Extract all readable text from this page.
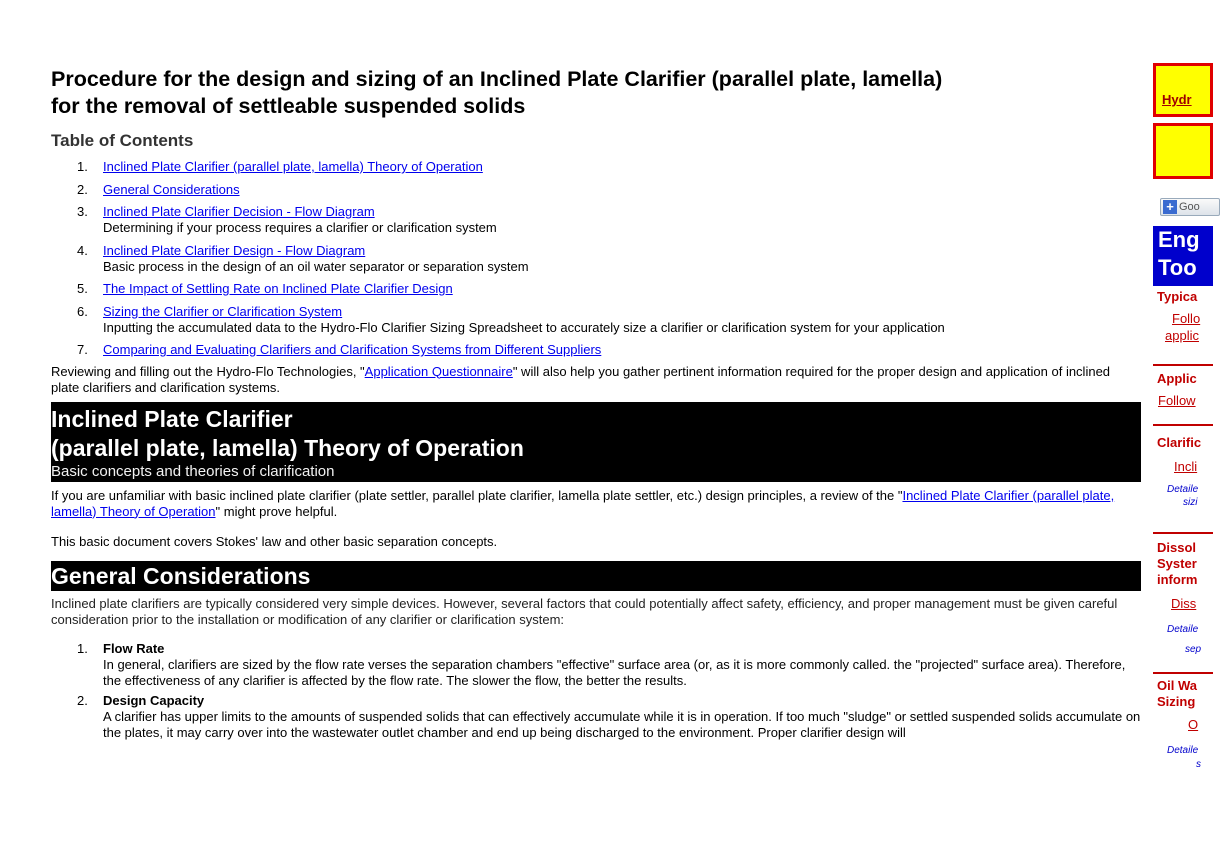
Procedure for the design and sizing of an Inclined Plate Clarifier (parallel plate, lamella)
for the removal of settleable suspended solids
Table of Contents
1. Inclined Plate Clarifier (parallel plate, lamella) Theory of Operation
2. General Considerations
3. Inclined Plate Clarifier Decision - Flow Diagram
Determining if your process requires a clarifier or clarification system
4. Inclined Plate Clarifier Design - Flow Diagram
Basic process in the design of an oil water separator or separation system
5. The Impact of Settling Rate on Inclined Plate Clarifier Design
6. Sizing the Clarifier or Clarification System
Inputting the accumulated data to the Hydro-Flo Clarifier Sizing Spreadsheet to accurately size a clarifier or clarification system for your application
7. Comparing and Evaluating Clarifiers and Clarification Systems from Different Suppliers
Reviewing and filling out the Hydro-Flo Technologies, "Application Questionnaire" will also help you gather pertinent information required for the proper design and application of inclined plate clarifiers and clarification systems.
Inclined Plate Clarifier
(parallel plate, lamella) Theory of Operation
Basic concepts and theories of clarification
If you are unfamiliar with basic inclined plate clarifier (plate settler, parallel plate clarifier, lamella plate settler, etc.) design principles, a review of the "Inclined Plate Clarifier (parallel plate, lamella) Theory of Operation" might prove helpful.
This basic document covers Stokes' law and other basic separation concepts.
General Considerations
Inclined plate clarifiers are typically considered very simple devices. However, several factors that could potentially affect safety, efficiency, and proper management must be given careful consideration prior to the installation or modification of any clarifier or clarification system:
1. Flow Rate
In general, clarifiers are sized by the flow rate verses the separation chambers "effective" surface area (or, as it is more commonly called. the "projected" surface area). Therefore, the effectiveness of any clarifier is affected by the flow rate. The slower the flow, the better the results.
2. Design Capacity
A clarifier has upper limits to the amounts of suspended solids that can effectively accumulate while it is in operation. If too much "sludge" or settled suspended solids accumulate on the plates, it may carry over into the wastewater outlet chamber and end up being discharged to the environment. Proper clarifier design will
Hydr
+ Goo
Eng
Too
Typica
Follo
applic
Applic
Follow
Clarific
Incli
Detaile
sizi
Dissol
Syster
inform
Diss
Detaile
sep
Oil Wa
Sizing
O
Detaile
s
